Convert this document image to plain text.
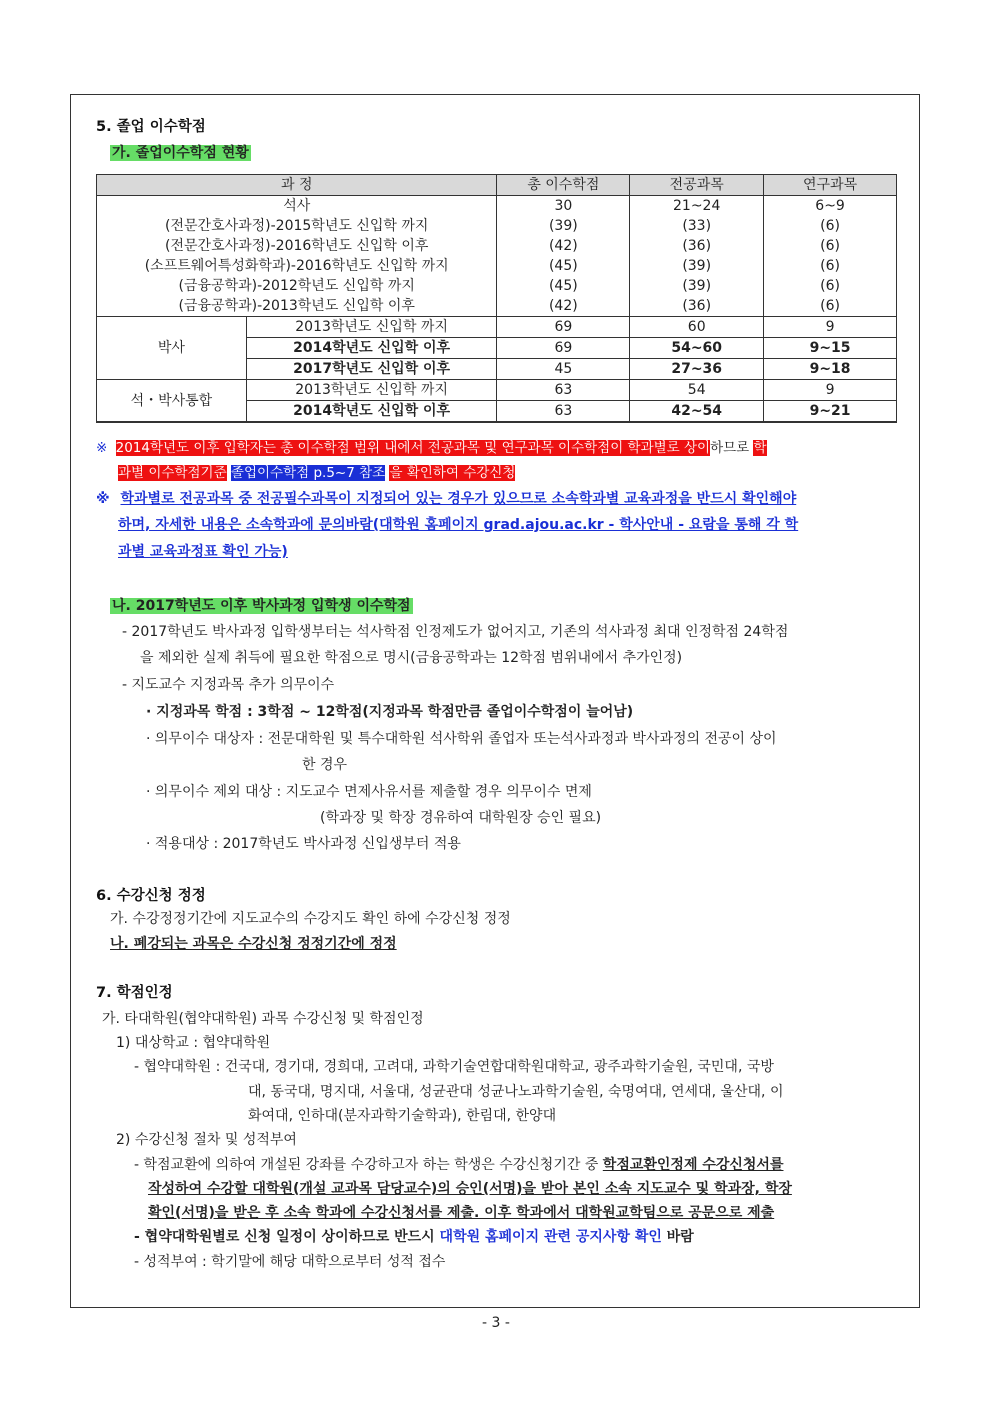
5. 졸업 이수학점
가. 졸업이수학점 현황
과 정		총 이수학점	전공과목	연구과목
석사		30	21~24	6~9
(전문간호사과정)-2015학년도 신입학 까지		(39)	(33)	(6)
(전문간호사과정)-2016학년도 신입학 이후		(42)	(36)	(6)
(소프트웨어특성화학과)-2016학년도 신입학 까지		(45)	(39)	(6)
(금융공학과)-2012학년도 신입학 까지		(45)	(39)	(6)
(금융공학과)-2013학년도 신입학 이후		(42)	(36)	(6)
박사	2013학년도 신입학 까지	69	60	9
	2014학년도 신입학 이후	69	54~60	9~15
	2017학년도 신입학 이후	45	27~36	9~18
석・박사통합	2013학년도 신입학 까지	63	54	9
	2014학년도 신입학 이후	63	42~54	9~21
※ 2014학년도 이후 입학자는 총 이수학점 범위 내에서 전공과목 및 연구과목 이수학점이 학과별로 상이하므로 학
과별 이수학점기준 졸업이수학점 p.5~7 참조 을 확인하여 수강신청
※ 학과별로 전공과목 중 전공필수과목이 지정되어 있는 경우가 있으므로 소속학과별 교육과정을 반드시 확인해야
하며, 자세한 내용은 소속학과에 문의바람(대학원 홈페이지 grad.ajou.ac.kr - 학사안내 - 요람을 통해 각 학
과별 교육과정표 확인 가능)
나. 2017학년도 이후 박사과정 입학생 이수학점
- 2017학년도 박사과정 입학생부터는 석사학점 인정제도가 없어지고, 기존의 석사과정 최대 인정학점 24학점
을 제외한 실제 취득에 필요한 학점으로 명시(금융공학과는 12학점 범위내에서 추가인정)
- 지도교수 지정과목 추가 의무이수
· 지정과목 학점 : 3학점 ~ 12학점(지정과목 학점만큼 졸업이수학점이 늘어남)
· 의무이수 대상자 : 전문대학원 및 특수대학원 석사학위 졸업자 또는석사과정과 박사과정의 전공이 상이
한 경우
· 의무이수 제외 대상 : 지도교수 면제사유서를 제출할 경우 의무이수 면제
(학과장 및 학장 경유하여 대학원장 승인 필요)
· 적용대상 : 2017학년도 박사과정 신입생부터 적용
6. 수강신청 정정
가. 수강정정기간에 지도교수의 수강지도 확인 하에 수강신청 정정
나. 폐강되는 과목은 수강신청 정정기간에 정정
7. 학점인정
가. 타대학원(협약대학원) 과목 수강신청 및 학점인정
1) 대상학교 : 협약대학원
- 협약대학원 : 건국대, 경기대, 경희대, 고려대, 과학기술연합대학원대학교, 광주과학기술원, 국민대, 국방
대, 동국대, 명지대, 서울대, 성균관대 성균나노과학기술원, 숙명여대, 연세대, 울산대, 이
화여대, 인하대(분자과학기술학과), 한림대, 한양대
2) 수강신청 절차 및 성적부여
- 학점교환에 의하여 개설된 강좌를 수강하고자 하는 학생은 수강신청기간 중 학점교환인정제 수강신청서를
작성하여 수강할 대학원(개설 교과목 담당교수)의 승인(서명)을 받아 본인 소속 지도교수 및 학과장, 학장
확인(서명)을 받은 후 소속 학과에 수강신청서를 제출. 이후 학과에서 대학원교학팀으로 공문으로 제출
- 협약대학원별로 신청 일정이 상이하므로 반드시 대학원 홈페이지 관련 공지사항 확인 바람
- 성적부여 : 학기말에 해당 대학으로부터 성적 접수
- 3 -
